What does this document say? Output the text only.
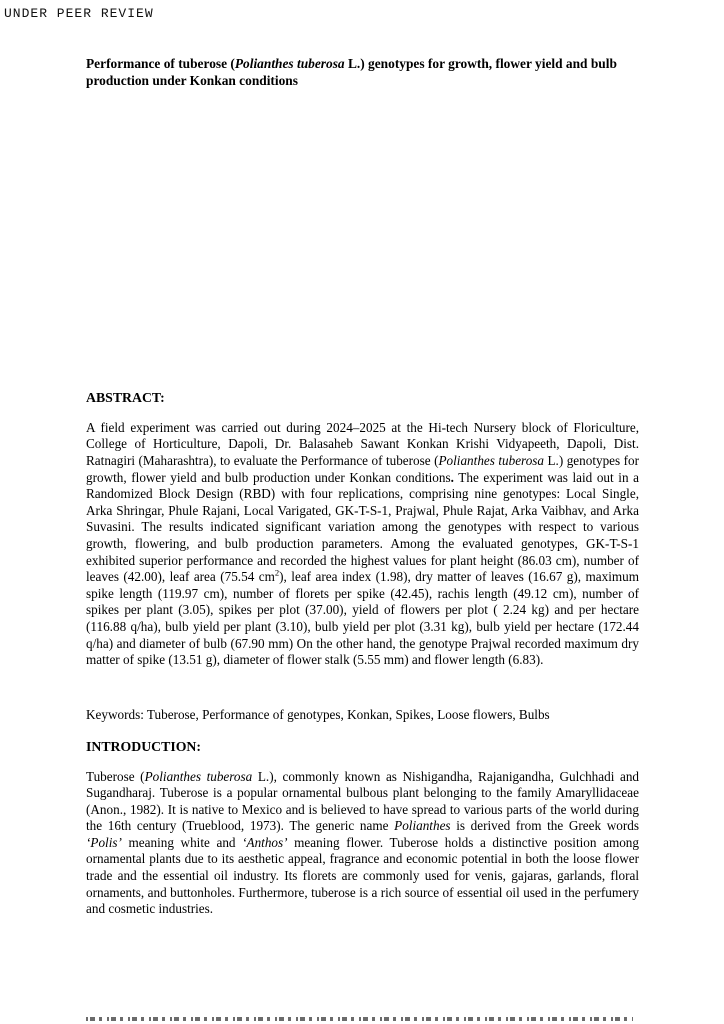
UNDER PEER REVIEW

Performance of tuberose (Polianthes tuberosa L.) genotypes for growth, flower yield and bulb production under Konkan conditions

ABSTRACT:

A field experiment was carried out during 2024–2025 at the Hi-tech Nursery block of Floriculture, College of Horticulture, Dapoli, Dr. Balasaheb Sawant Konkan Krishi Vidyapeeth, Dapoli, Dist. Ratnagiri (Maharashtra), to evaluate the Performance of tuberose (Polianthes tuberosa L.) genotypes for growth, flower yield and bulb production under Konkan conditions. The experiment was laid out in a Randomized Block Design (RBD) with four replications, comprising nine genotypes: Local Single, Arka Shringar, Phule Rajani, Local Varigated, GK-T-S-1, Prajwal, Phule Rajat, Arka Vaibhav, and Arka Suvasini. The results indicated significant variation among the genotypes with respect to various growth, flowering, and bulb production parameters. Among the evaluated genotypes, GK-T-S-1 exhibited superior performance and recorded the highest values for plant height (86.03 cm), number of leaves (42.00), leaf area (75.54 $cm^2$), leaf area index (1.98), dry matter of leaves (16.67 g), maximum spike length (119.97 cm), number of florets per spike (42.45), rachis length (49.12 cm), number of spikes per plant (3.05), spikes per plot (37.00), yield of flowers per plot ( 2.24 kg) and per hectare (116.88 q/ha), bulb yield per plant (3.10), bulb yield per plot (3.31 kg), bulb yield per hectare (172.44 q/ha) and diameter of bulb (67.90 mm) On the other hand, the genotype Prajwal recorded maximum dry matter of spike (13.51 g), diameter of flower stalk (5.55 mm) and flower length (6.83).

Keywords: Tuberose, Performance of genotypes, Konkan, Spikes, Loose flowers, Bulbs

INTRODUCTION:

Tuberose (Polianthes tuberosa L.), commonly known as Nishigandha, Rajanigandha, Gulchhadi and Sugandharaj. Tuberose is a popular ornamental bulbous plant belonging to the family Amaryllidaceae (Anon., 1982). It is native to Mexico and is believed to have spread to various parts of the world during the 16th century (Trueblood, 1973). The generic name Polianthes is derived from the Greek words ‘Polis’ meaning white and ‘Anthos’ meaning flower. Tuberose holds a distinctive position among ornamental plants due to its aesthetic appeal, fragrance and economic potential in both the loose flower trade and the essential oil industry. Its florets are commonly used for venis, gajaras, garlands, floral ornaments, and buttonholes. Furthermore, tuberose is a rich source of essential oil used in the perfumery and cosmetic industries.
